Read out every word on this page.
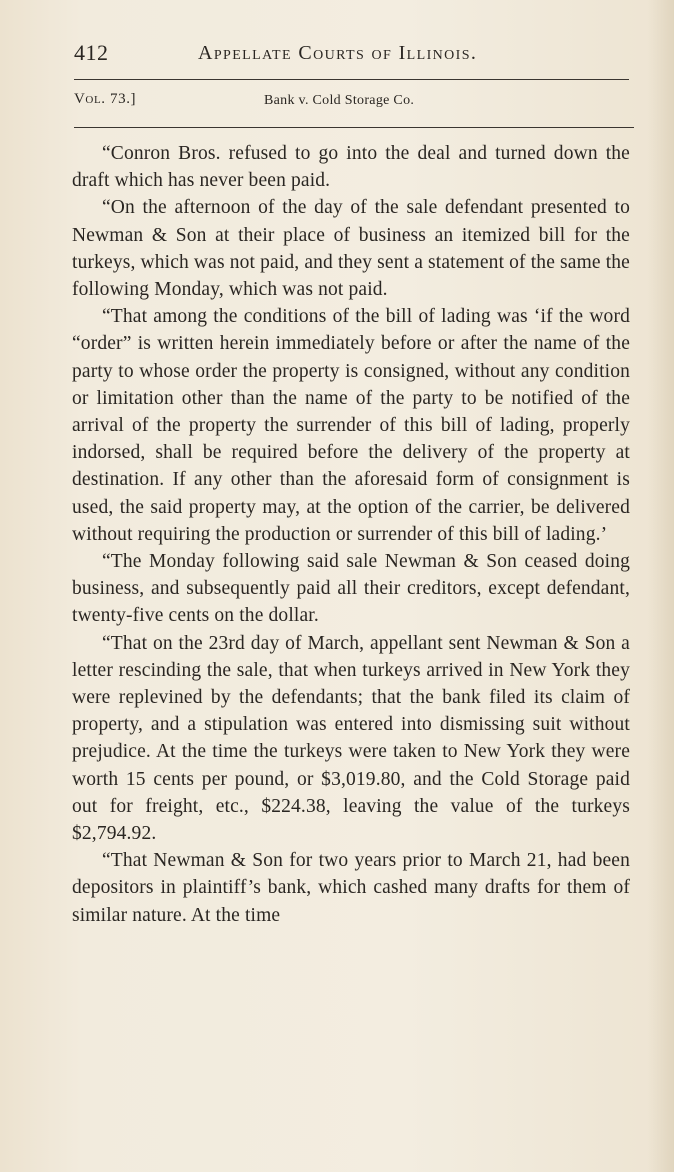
412	Appellate Courts of Illinois.
Vol. 73.]	Bank v. Cold Storage Co.

“Conron Bros. refused to go into the deal and turned down the draft which has never been paid.

“On the afternoon of the day of the sale defendant presented to Newman & Son at their place of business an itemized bill for the turkeys, which was not paid, and they sent a statement of the same the following Monday, which was not paid.

“That among the conditions of the bill of lading was ‘if the word “order” is written herein immediately before or after the name of the party to whose order the property is consigned, without any condition or limitation other than the name of the party to be notified of the arrival of the property the surrender of this bill of lading, properly indorsed, shall be required before the delivery of the property at destination. If any other than the aforesaid form of consignment is used, the said property may, at the option of the carrier, be delivered without requiring the production or surrender of this bill of lading.’

“The Monday following said sale Newman & Son ceased doing business, and subsequently paid all their creditors, except defendant, twenty-five cents on the dollar.

“That on the 23rd day of March, appellant sent Newman & Son a letter rescinding the sale, that when turkeys arrived in New York they were replevined by the defendants; that the bank filed its claim of property, and a stipulation was entered into dismissing suit without prejudice. At the time the turkeys were taken to New York they were worth 15 cents per pound, or $3,019.80, and the Cold Storage paid out for freight, etc., $224.38, leaving the value of the turkeys $2,794.92.

“That Newman & Son for two years prior to March 21, had been depositors in plaintiff’s bank, which cashed many drafts for them of similar nature. At the time
